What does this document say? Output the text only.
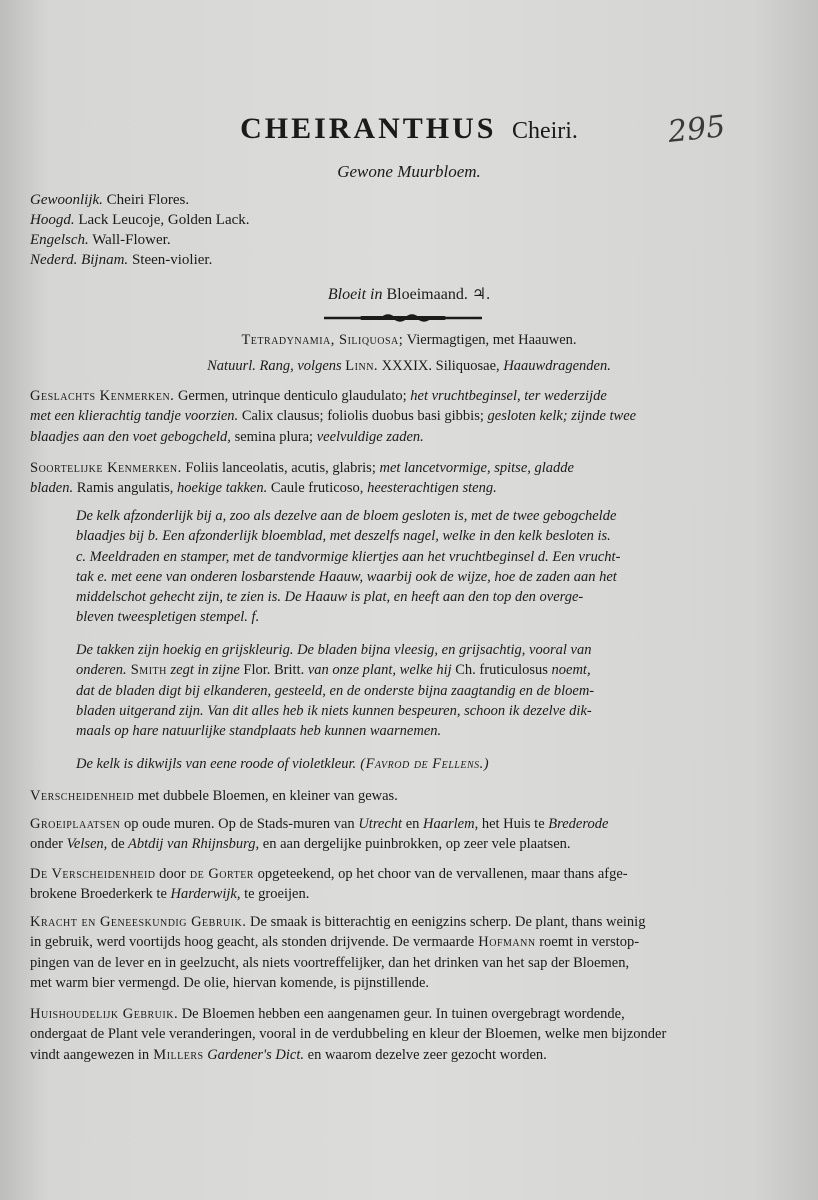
CHEIRANTHUS Cheiri.	295
Gewone Muurbloem.
Gewoonlijk. Cheiri Flores.
Hoogd. Lack Leucoje, Golden Lack.
Engelsch. Wall-Flower.
Nederd. Bijnam. Steen-violier.
Bloeit in Bloeimaand. ♃.
Tetradynamia, Siliquosa; Viermagtigen, met Haauwen.
Natuurl. Rang, volgens Linn. XXXIX. Siliquosae, Haauwdragenden.
Geslachts Kenmerken. Germen, utrinque denticulo glaudulato; het vruchtbeginsel, ter wederzijde
met een klierachtig tandje voorzien. Calix clausus; foliolis duobus basi gibbis; gesloten kelk; zijnde twee
blaadjes aan den voet gebogcheld, semina plura; veelvuldige zaden.
Soortelijke Kenmerken. Foliis lanceolatis, acutis, glabris; met lancetvormige, spitse, gladde
bladen. Ramis angulatis, hoekige takken. Caule fruticoso, heesterachtigen steng.
De kelk afzonderlijk bij a, zoo als dezelve aan de bloem gesloten is, met de twee gebogchelde
blaadjes bij b. Een afzonderlijk bloemblad, met deszelfs nagel, welke in den kelk besloten is.
c. Meeldraden en stamper, met de tandvormige kliertjes aan het vruchtbeginsel d. Een vrucht-
tak e. met eene van onderen losbarstende Haauw, waarbij ook de wijze, hoe de zaden aan het
middelschot gehecht zijn, te zien is. De Haauw is plat, en heeft aan den top den overge-
bleven tweespletigen stempel. f.
De takken zijn hoekig en grijskleurig. De bladen bijna vleesig, en grijsachtig, vooral van
onderen. Smith zegt in zijne Flor. Britt. van onze plant, welke hij Ch. fruticulosus noemt,
dat de bladen digt bij elkanderen, gesteeld, en de onderste bijna zaagtandig en de bloem-
bladen uitgerand zijn. Van dit alles heb ik niets kunnen bespeuren, schoon ik dezelve dik-
maals op hare natuurlijke standplaats heb kunnen waarnemen.
De kelk is dikwijls van eene roode of violetkleur. (Favrod de Fellens.)
Verscheidenheid met dubbele Bloemen, en kleiner van gewas.
Groeiplaatsen op oude muren. Op de Stads-muren van Utrecht en Haarlem, het Huis te Brederode
onder Velsen, de Abtdij van Rhijnsburg, en aan dergelijke puinbrokken, op zeer vele plaatsen.
De Verscheidenheid door de Gorter opgeteekend, op het choor van de vervallenen, maar thans afge-
brokene Broederkerk te Harderwijk, te groeijen.
Kracht en Geneeskundig Gebruik. De smaak is bitterachtig en eenigzins scherp. De plant, thans weinig
in gebruik, werd voortijds hoog geacht, als stonden drijvende. De vermaarde Hofmann roemt in verstop-
pingen van de lever en in geelzucht, als niets voortreffelijker, dan het drinken van het sap der Bloemen,
met warm bier vermengd. De olie, hiervan komende, is pijnstillende.
Huishoudelijk Gebruik. De Bloemen hebben een aangenamen geur. In tuinen overgebragt wordende,
ondergaat de Plant vele veranderingen, vooral in de verdubbeling en kleur der Bloemen, welke men bijzonder
vindt aangewezen in Millers Gardener's Dict. en waarom dezelve zeer gezocht worden.
